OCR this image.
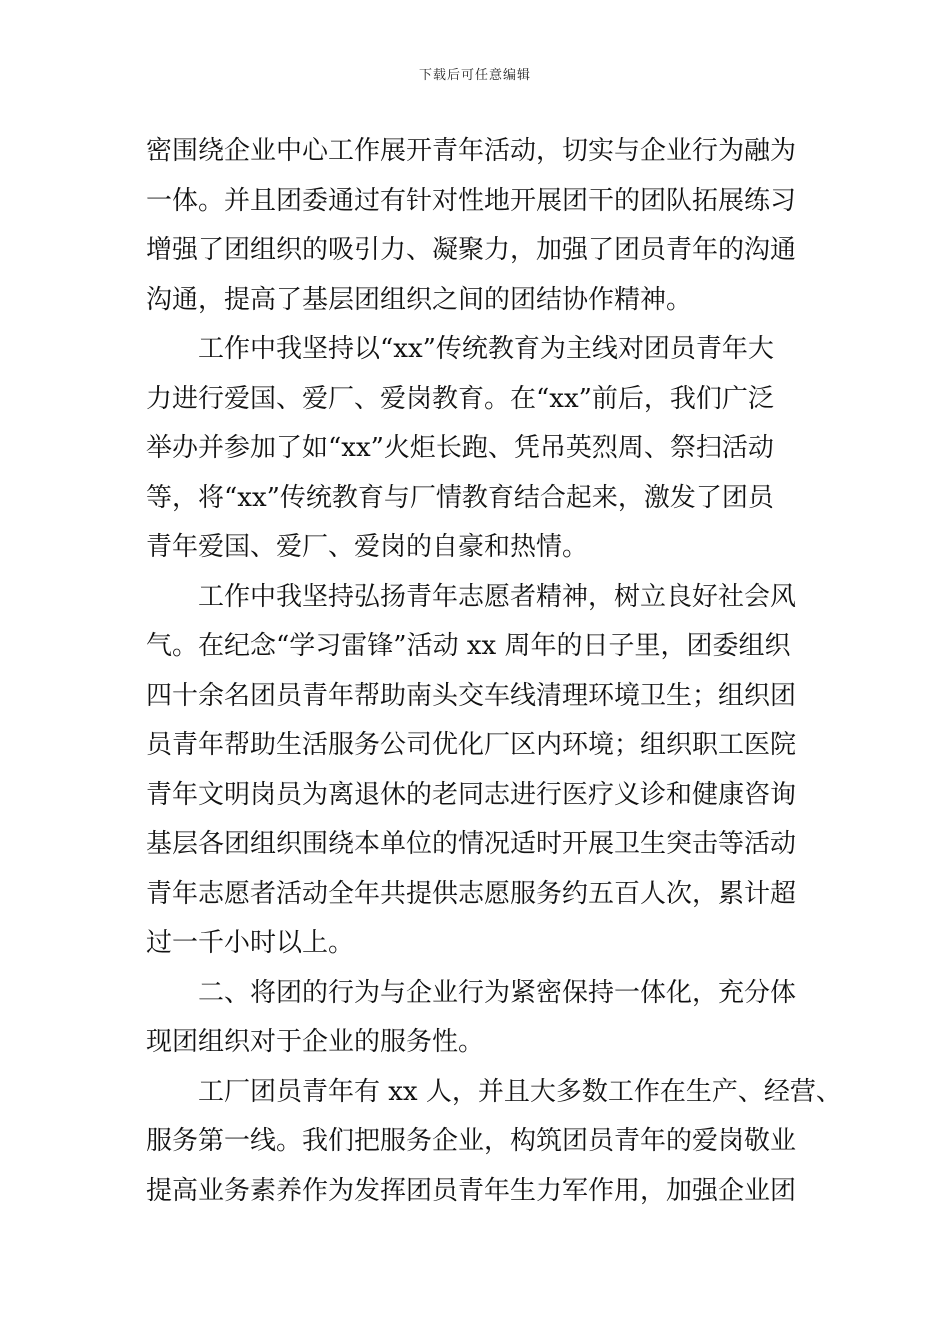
下载后可任意编辑
密围绕企业中心工作展开青年活动，切实与企业行为融为
一体。并且团委通过有针对性地开展团干的团队拓展练习
增强了团组织的吸引力、凝聚力，加强了团员青年的沟通
沟通，提高了基层团组织之间的团结协作精神。
工作中我坚持以“xx”传统教育为主线对团员青年大
力进行爱国、爱厂、爱岗教育。在“xx”前后，我们广泛
举办并参加了如“xx”火炬长跑、凭吊英烈周、祭扫活动
等，将“xx”传统教育与厂情教育结合起来，激发了团员
青年爱国、爱厂、爱岗的自豪和热情。
工作中我坚持弘扬青年志愿者精神，树立良好社会风
气。在纪念“学习雷锋”活动 xx 周年的日子里，团委组织
四十余名团员青年帮助南头交车线清理环境卫生；组织团
员青年帮助生活服务公司优化厂区内环境；组织职工医院
青年文明岗员为离退休的老同志进行医疗义诊和健康咨询
基层各团组织围绕本单位的情况适时开展卫生突击等活动
青年志愿者活动全年共提供志愿服务约五百人次，累计超
过一千小时以上。
二、将团的行为与企业行为紧密保持一体化，充分体
现团组织对于企业的服务性。
工厂团员青年有 xx 人，并且大多数工作在生产、经营、
服务第一线。我们把服务企业，构筑团员青年的爱岗敬业
提高业务素养作为发挥团员青年生力军作用，加强企业团
